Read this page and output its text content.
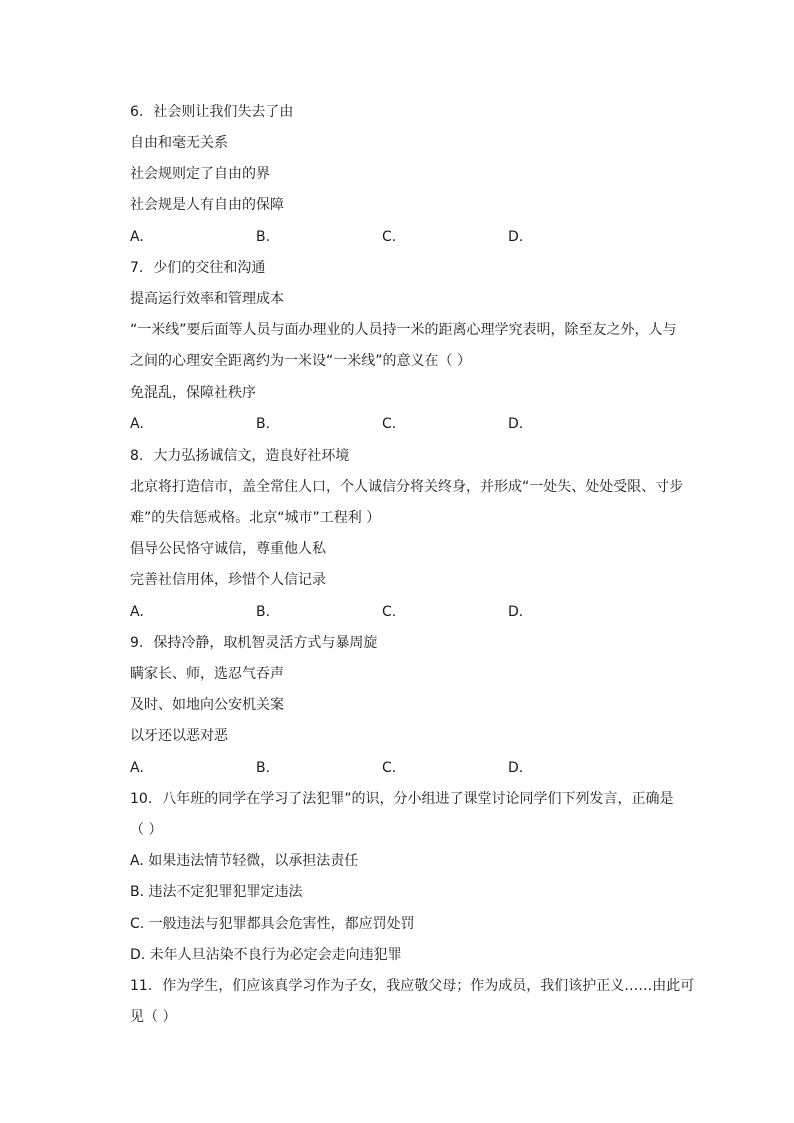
6. 社会则让我们失去了由
自由和毫无关系
社会规则定了自由的界
社会规是人有自由的保障
A.	B.	C.	D.
7. 少们的交往和沟通
提高运行效率和管理成本
“一米线”要后面等人员与面办理业的人员持一米的距离心理学究表明，除至友之外，人与
之间的心理安全距离约为一米设“一米线”的意义在（ ）
免混乱，保障社秩序
A.	B.	C.	D.
8. 大力弘扬诚信文，造良好社环境
北京将打造信市，盖全常住人口，个人诚信分将关终身，并形成“一处失、处处受限、寸步
难”的失信惩戒格。北京“城市”工程利 ）
倡导公民恪守诚信，尊重他人私
完善社信用体，珍惜个人信记录
A.	B.	C.	D.
9. 保持冷静，取机智灵活方式与暴周旋
瞒家长、师，选忍气吞声
及时、如地向公安机关案
以牙还以恶对恶
A.	B.	C.	D.
10. 八年班的同学在学习了法犯罪”的识，分小组进了课堂讨论同学们下列发言，正确是
（ ）
A. 如果违法情节轻微，以承担法责任
B. 违法不定犯罪犯罪定违法
C. 一般违法与犯罪都具会危害性，都应罚处罚
D. 未年人旦沾染不良行为必定会走向违犯罪
11. 作为学生，们应该真学习作为子女，我应敬父母；作为成员，我们该护正义……由此可
见（ ）
